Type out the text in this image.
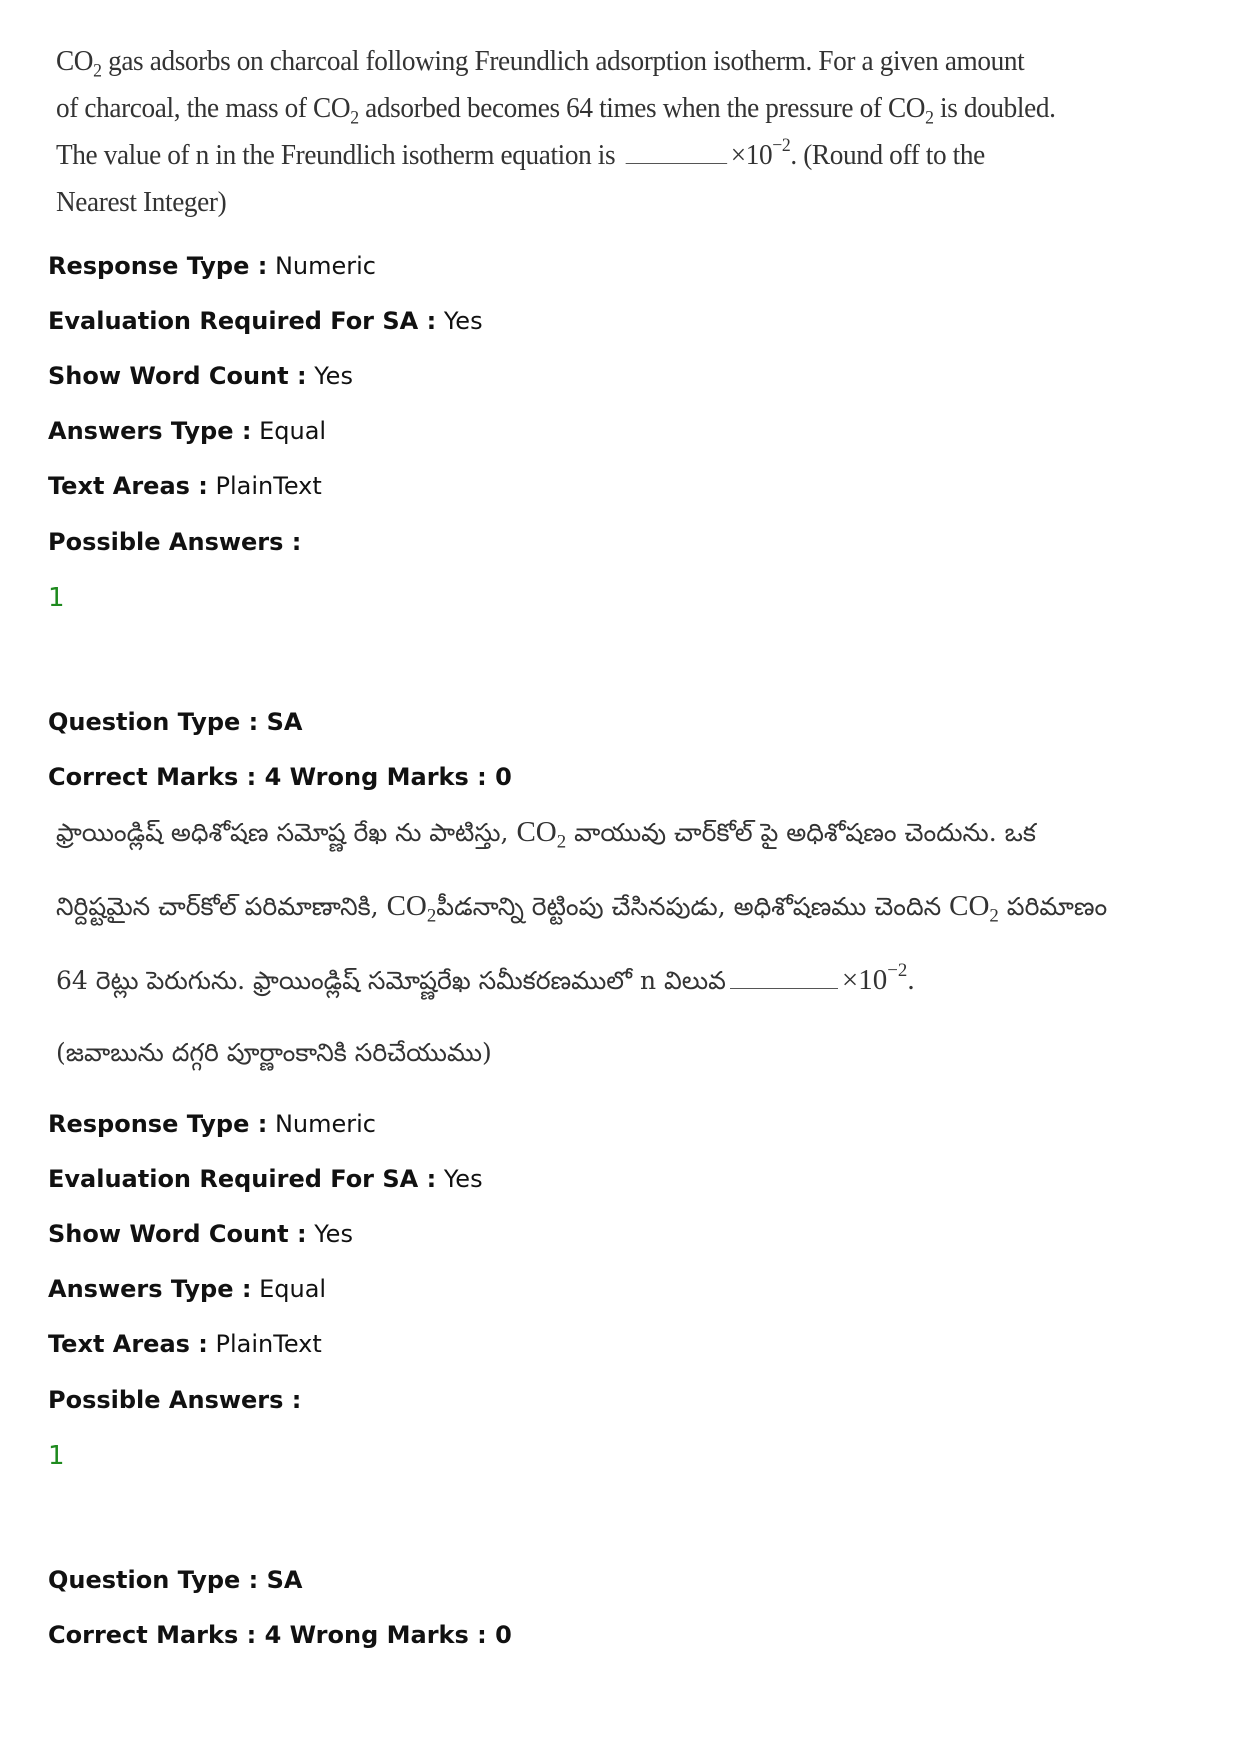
$CO_2$ gas adsorbs on charcoal following Freundlich adsorption isotherm. For a given amount
of charcoal, the mass of $CO_2$ adsorbed becomes 64 times when the pressure of $CO_2$ is doubled.
The value of n in the Freundlich isotherm equation is	$\times 10^{-2}$. (Round off to the
Nearest Integer)
Response Type : Numeric
Evaluation Required For SA : Yes
Show Word Count : Yes
Answers Type : Equal
Text Areas : PlainText
Possible Answers :
1
Question Type : SA
Correct Marks : 4 Wrong Marks : 0
ఫ్రాయిండ్లిష్ అధిశోషణ సమోష్ణ రేఖ ను పాటిస్తు, $CO_2$ వాయువు చార్‌కోల్ పై అధిశోషణం చెందును. ఒక
నిర్దిష్టమైన చార్‌కోల్ పరిమాణానికి, $CO_2పీడనాన్ని$ రెట్టింపు చేసినపుడు, అధిశోషణము చెందిన $CO_2$ పరిమాణం
64 రెట్లు పెరుగును. ఫ్రాయిండ్లిష్ సమోష్ణరేఖ సమీకరణములో n విలువ	$\times 10^{-2}$.
(జవాబును దగ్గరి పూర్ణాంకానికి సరిచేయుము)
Response Type : Numeric
Evaluation Required For SA : Yes
Show Word Count : Yes
Answers Type : Equal
Text Areas : PlainText
Possible Answers :
1
Question Type : SA
Correct Marks : 4 Wrong Marks : 0
